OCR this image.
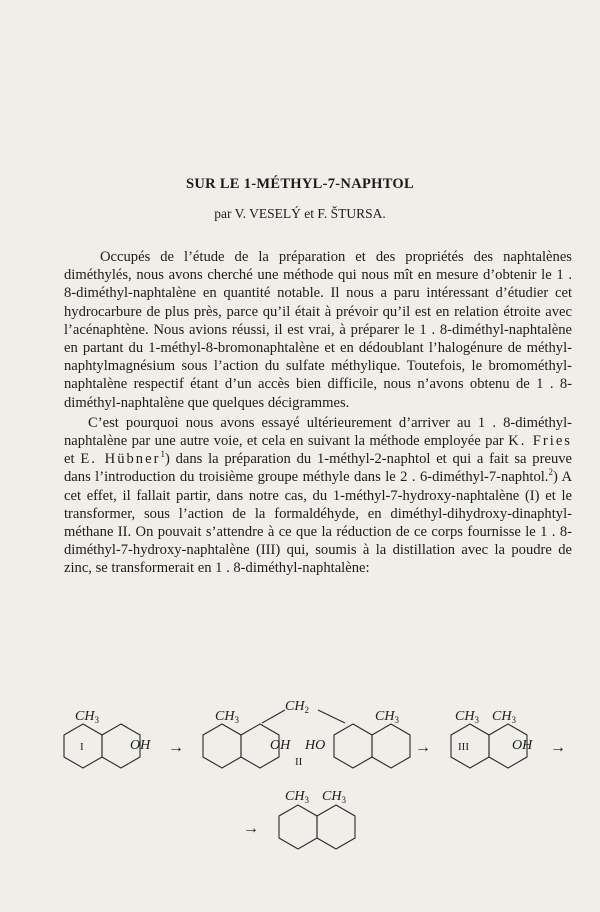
SUR LE 1-MÉTHYL-7-NAPHTOL
par V. VESELÝ et F. ŠTURSA.

Occupés de l’étude de la préparation et des propriétés des naphtalènes diméthylés, nous avons cherché une méthode qui nous mît en mesure d’obtenir le 1 . 8-diméthyl-naphtalène en quantité notable. Il nous a paru intéressant d’étudier cet hydrocarbure de plus près, parce qu’il était à prévoir qu’il est en relation étroite avec l’acénaphtène. Nous avions réussi, il est vrai, à préparer le 1 . 8-diméthyl-naphtalène en partant du 1-méthyl-8-bromonaphtalène et en dédoublant l’halogénure de méthyl-naphtylmagnésium sous l’action du sulfate méthylique. Toutefois, le bromométhyl-naphtalène respectif étant d’un accès bien difficile, nous n’avons obtenu de 1 . 8-diméthyl-naphtalène que quelques décigrammes.

C’est pourquoi nous avons essayé ultérieurement d’arriver au 1 . 8-diméthyl-naphtalène par une autre voie, et cela en suivant la méthode employée par K. Fries et E. Hübner$^1$) dans la préparation du 1-méthyl-2-naphtol et qui a fait sa preuve dans l’introduction du troisième groupe méthyle dans le 2 . 6-diméthyl-7-naphtol.$^2$) A cet effet, il fallait partir, dans notre cas, du 1-méthyl-7-hydroxy-naphtalène (I) et le transformer, sous l’action de la formaldéhyde, en diméthyl-dihydroxy-dinaphtyl-méthane II. On pouvait s’attendre à ce que la réduction de ce corps fournisse le 1 . 8-diméthyl-7-hydroxy-naphtalène (III) qui, soumis à la distillation avec la poudre de zinc, se transformerait en 1 . 8-diméthyl-naphtalène:

$CH_3$
OH
I	→
$CH_3$
$CH_2$
OH HO
$CH_3$
II
→
$CH_3$ $CH_3$
OH
III	→
$CH_3$ $CH_3$
→
